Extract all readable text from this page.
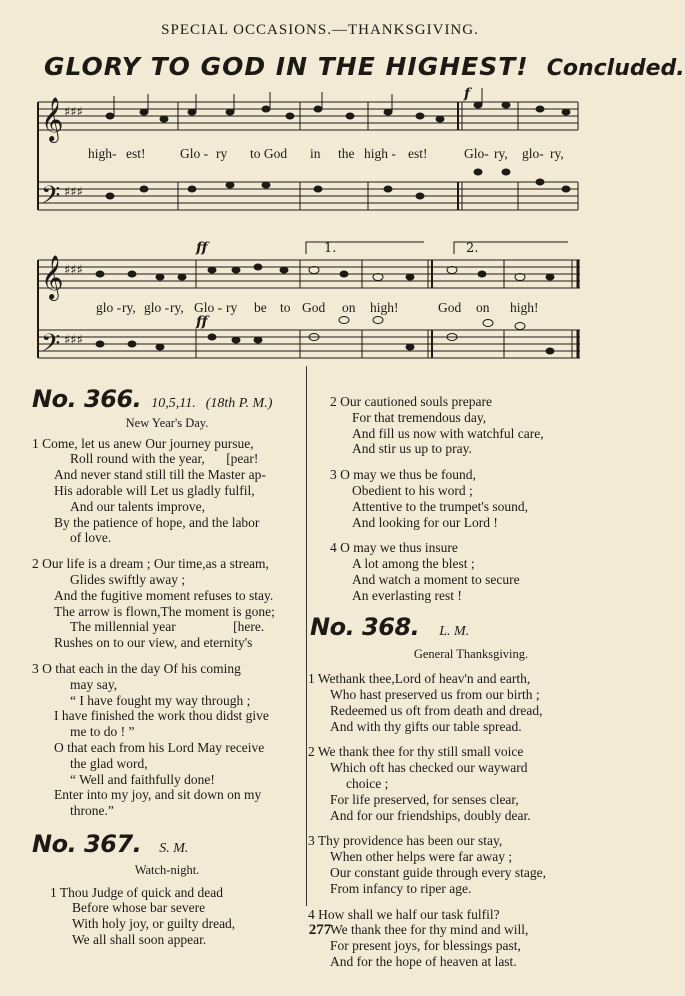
SPECIAL OCCASIONS.—THANKSGIVING.
GLORY TO GOD IN THE HIGHEST! Concluded.
𝄞
𝄢
♯♯♯
♯♯♯
f
high- est!	Glo - ry to God in the high - est!	Glo- ry, glo- ry,
𝄞
𝄢
♯♯♯
♯♯♯
ff
ff
1.	2.
glo - ry, glo - ry, Glo - ry be to God on high!	God on high!
No. 366. 10,5,11. (18th P. M.)
New Year's Day.

1 Come, let us anew Our journey pursue,

Roll round with the year, [pear!

And never stand still till the Master ap-

His adorable will Let us gladly fulfil,

And our talents improve,

By the patience of hope, and the labor

of love.

2 Our life is a dream ; Our time,as a stream,

Glides swiftly away ;

And the fugitive moment refuses to stay.

The arrow is flown,The moment is gone;

The millennial year	[here.

Rushes on to our view, and eternity's

3 O that each in the day Of his coming

may say,

“ I have fought my way through ;

I have finished the work thou didst give

me to do ! ”

O that each from his Lord May receive

the glad word,

“ Well and faithfully done!

Enter into my joy, and sit down on my

throne.”

No. 367. S. M.
Watch-night.

1 Thou Judge of quick and dead

Before whose bar severe

With holy joy, or guilty dread,

We all shall soon appear.

2 Our cautioned souls prepare

For that tremendous day,

And fill us now with watchful care,

And stir us up to pray.

3 O may we thus be found,

Obedient to his word ;

Attentive to the trumpet's sound,

And looking for our Lord !

4 O may we thus insure

A lot among the blest ;

And watch a moment to secure

An everlasting rest !

No. 368. L. M.
General Thanksgiving.

1 Wethank thee,Lord of heav'n and earth,

Who hast preserved us from our birth ;

Redeemed us oft from death and dread,

And with thy gifts our table spread.

2 We thank thee for thy still small voice

Which oft has checked our wayward

choice ;

For life preserved, for senses clear,

And for our friendships, doubly dear.

3 Thy providence has been our stay,

When other helps were far away ;

Our constant guide through every stage,

From infancy to riper age.

4 How shall we half our task fulfil?

We thank thee for thy mind and will,

For present joys, for blessings past,

And for the hope of heaven at last.

277
